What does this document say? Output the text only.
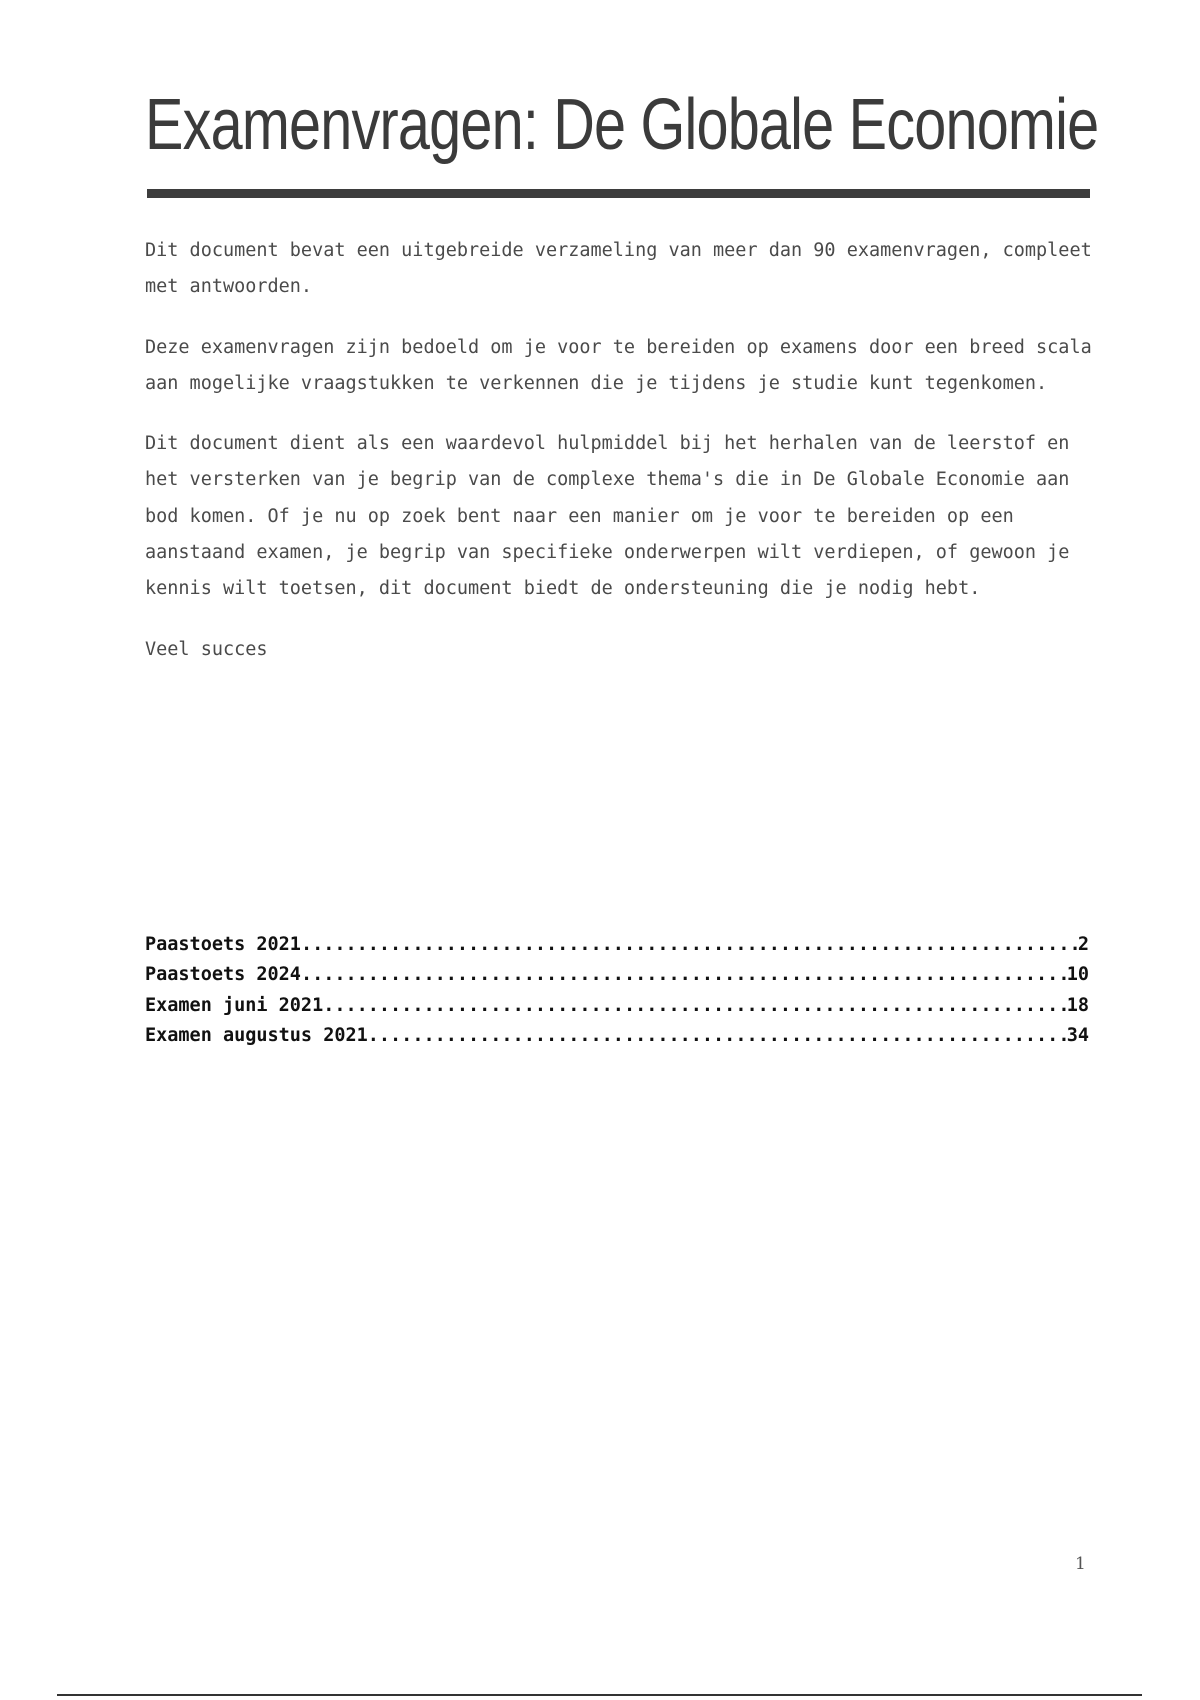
Examenvragen: De Globale Economie

Dit document bevat een uitgebreide verzameling van meer dan 90 examenvragen, compleet met antwoorden.

Deze examenvragen zijn bedoeld om je voor te bereiden op examens door een breed scala aan mogelijke vraagstukken te verkennen die je tijdens je studie kunt tegenkomen.

Dit document dient als een waardevol hulpmiddel bij het herhalen van de leerstof en het versterken van je begrip van de complexe thema's die in De Globale Economie aan bod komen. Of je nu op zoek bent naar een manier om je voor te bereiden op een aanstaand examen, je begrip van specifieke onderwerpen wilt verdiepen, of gewoon je kennis wilt toetsen, dit document biedt de ondersteuning die je nodig hebt.

Veel succes

Paastoets 2021 .....	2
Paastoets 2024 .....	10
Examen juni 2021 .....	18
Examen augustus 2021 .....	34
1
